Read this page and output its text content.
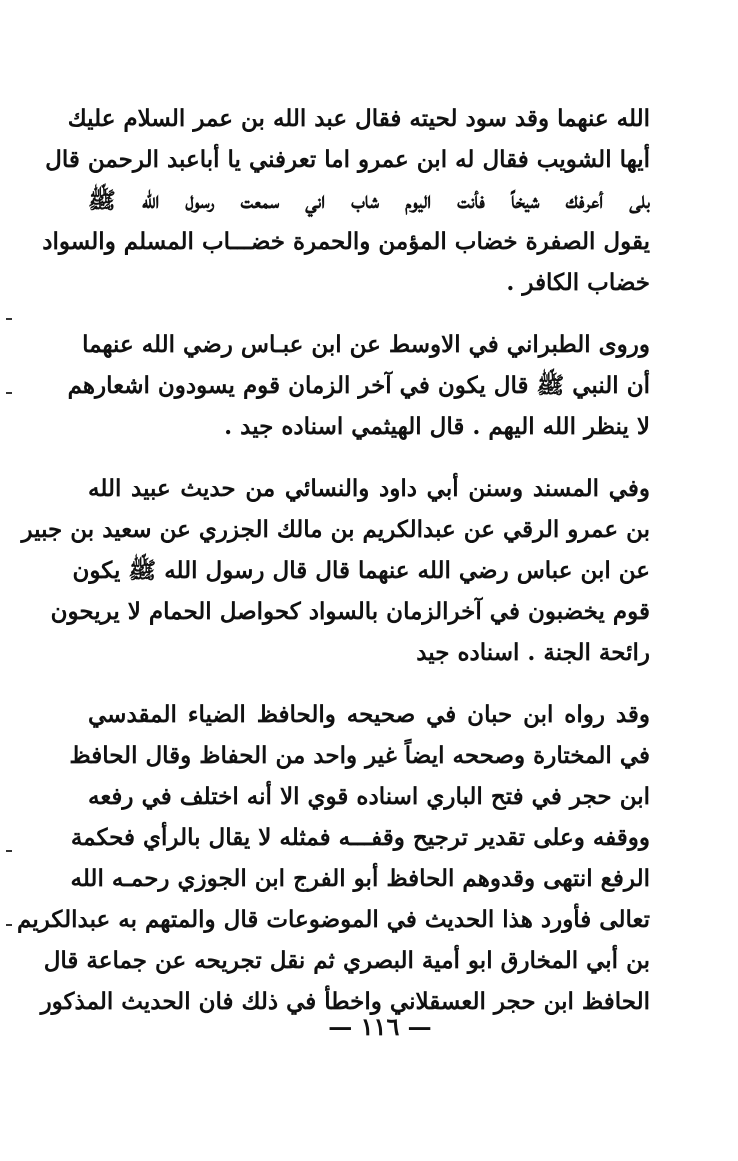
الله عنهما وقد سود لحيته فقال عبد الله بن عمر السلام عليك
أيها الشويب فقال له ابن عمرو اما تعرفني يا أباعبد الرحمن قال
بلى أعرفك شيخاً فأنت اليوم شاب اني سمعت رسول الله ﷺ
يقول الصفرة خضاب المؤمن والحمرة خضـــاب المسلم والسواد
خضاب الكافر .
وروى الطبراني في الاوسط عن ابن عبـاس رضي الله عنهما
أن النبي ﷺ قال يكون في آخر الزمان قوم يسودون اشعارهم
لا ينظر الله اليهم . قال الهيثمي اسناده جيد .
وفي المسند وسنن أبي داود والنسائي من حديث عبيد الله
بن عمرو الرقي عن عبدالكريم بن مالك الجزري عن سعيد بن جبير
عن ابن عباس رضي الله عنهما قال قال رسول الله ﷺ يكون
قوم يخضبون في آخرالزمان بالسواد كحواصل الحمام لا يريحون
رائحة الجنة . اسناده جيد
وقد رواه ابن حبان في صحيحه والحافظ الضياء المقدسي
في المختارة وصححه ايضاً غير واحد من الحفاظ وقال الحافظ
ابن حجر في فتح الباري اسناده قوي الا أنه اختلف في رفعه
ووقفه وعلى تقدير ترجيح وقفـــه فمثله لا يقال بالرأي فحكمة
الرفع انتهى وقدوهم الحافظ أبو الفرج ابن الجوزي رحمـه الله
تعالى فأورد هذا الحديث في الموضوعات قال والمتهم به عبدالكريم
بن أبي المخارق ابو أمية البصري ثم نقل تجريحه عن جماعة قال
الحافظ ابن حجر العسقلاني واخطأ في ذلك فان الحديث المذكور
— ١١٦ —
